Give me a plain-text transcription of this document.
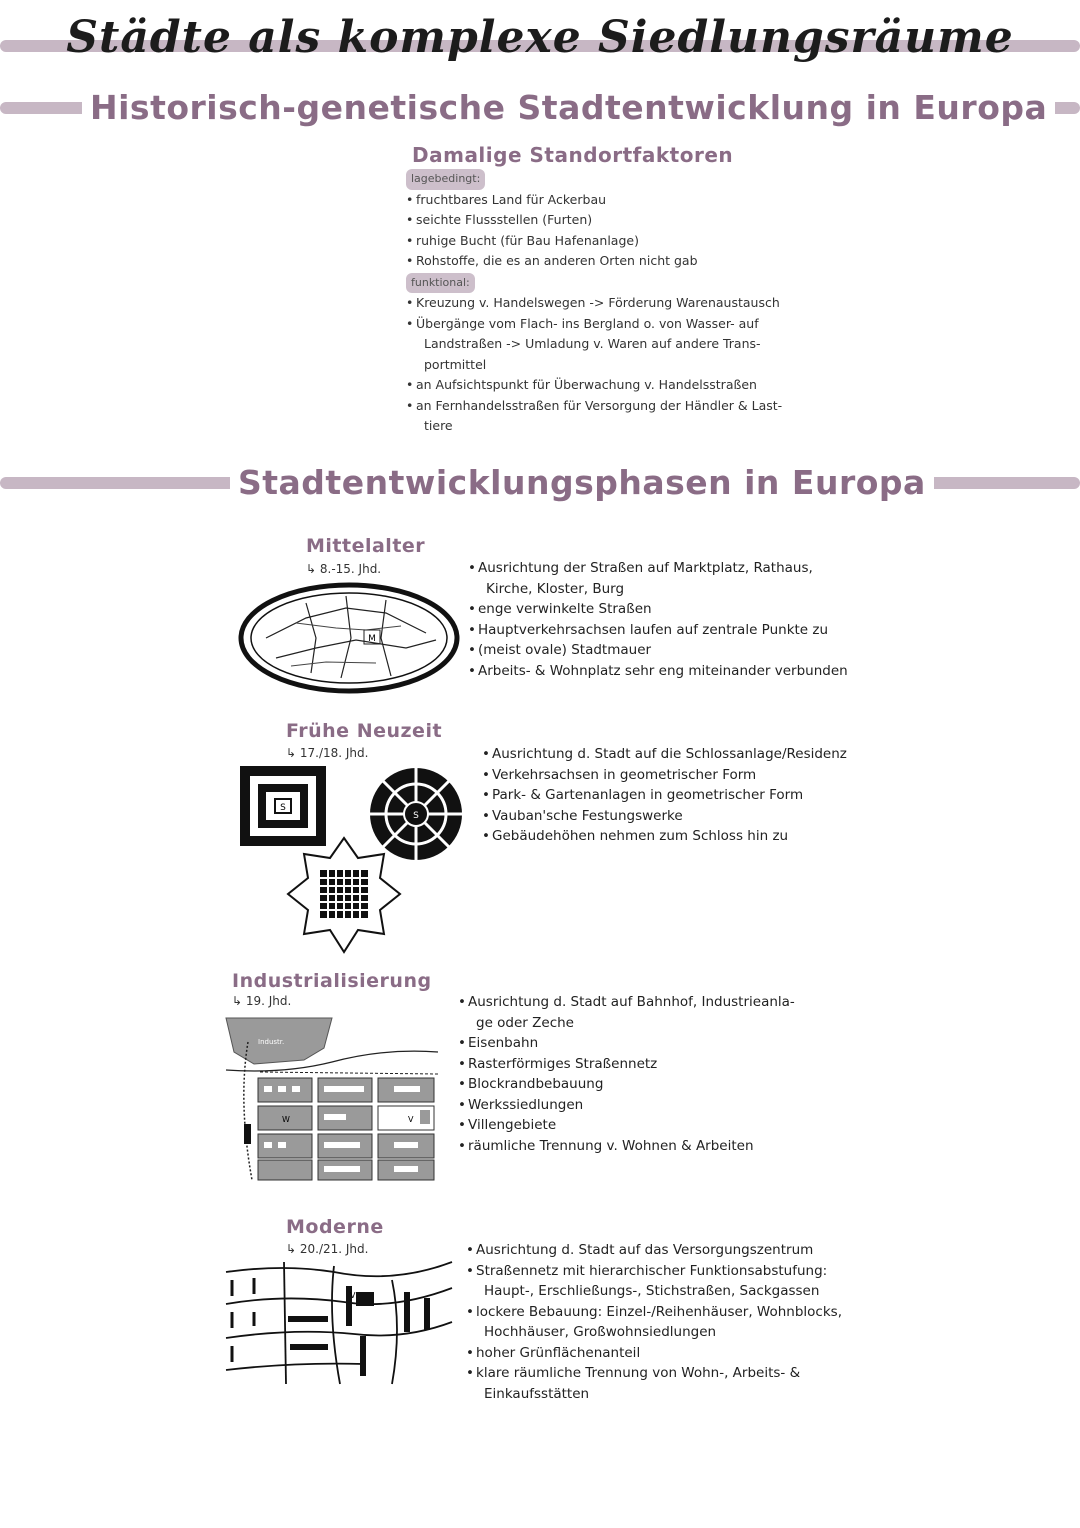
Städte als komplexe Siedlungsräume
Historisch-genetische Stadtentwicklung in Europa
Damalige Standortfaktoren
lagebedingt:
• fruchtbares Land für Ackerbau
• seichte Flussstellen (Furten)
• ruhige Bucht (für Bau Hafenanlage)
• Rohstoffe, die es an anderen Orten nicht gab
funktional:
• Kreuzung v. Handelswegen -> Förderung Warenaustausch
• Übergänge vom Flach- ins Bergland o. von Wasser- auf
Landstraßen -> Umladung v. Waren auf andere Trans-
portmittel
• an Aufsichtspunkt für Überwachung v. Handelsstraßen
• an Fernhandelsstraßen für Versorgung der Händler & Last-
tiere
Stadtentwicklungsphasen in Europa
Mittelalter
↳ 8.-15. Jhd.
M
• Ausrichtung der Straßen auf Marktplatz, Rathaus,
Kirche, Kloster, Burg
• enge verwinkelte Straßen
• Hauptverkehrsachsen laufen auf zentrale Punkte zu
• (meist ovale) Stadtmauer
• Arbeits- & Wohnplatz sehr eng miteinander verbunden
Frühe Neuzeit
↳ 17./18. Jhd.
S
S
• Ausrichtung d. Stadt auf die Schlossanlage/Residenz
• Verkehrsachsen in geometrischer Form
• Park- & Gartenanlagen in geometrischer Form
• Vauban'sche Festungswerke
• Gebäudehöhen nehmen zum Schloss hin zu
Industrialisierung
↳ 19. Jhd.
Industr.
W	V
• Ausrichtung d. Stadt auf Bahnhof, Industrieanla-
ge oder Zeche
• Eisenbahn
• Rasterförmiges Straßennetz
• Blockrandbebauung
• Werkssiedlungen
• Villengebiete
• räumliche Trennung v. Wohnen & Arbeiten
Moderne
↳ 20./21. Jhd.
V
• Ausrichtung d. Stadt auf das Versorgungszentrum
• Straßennetz mit hierarchischer Funktionsabstufung:
Haupt-, Erschließungs-, Stichstraßen, Sackgassen
• lockere Bebauung: Einzel-/Reihenhäuser, Wohnblocks,
Hochhäuser, Großwohnsiedlungen
• hoher Grünflächenanteil
• klare räumliche Trennung von Wohn-, Arbeits- &
Einkaufsstätten
